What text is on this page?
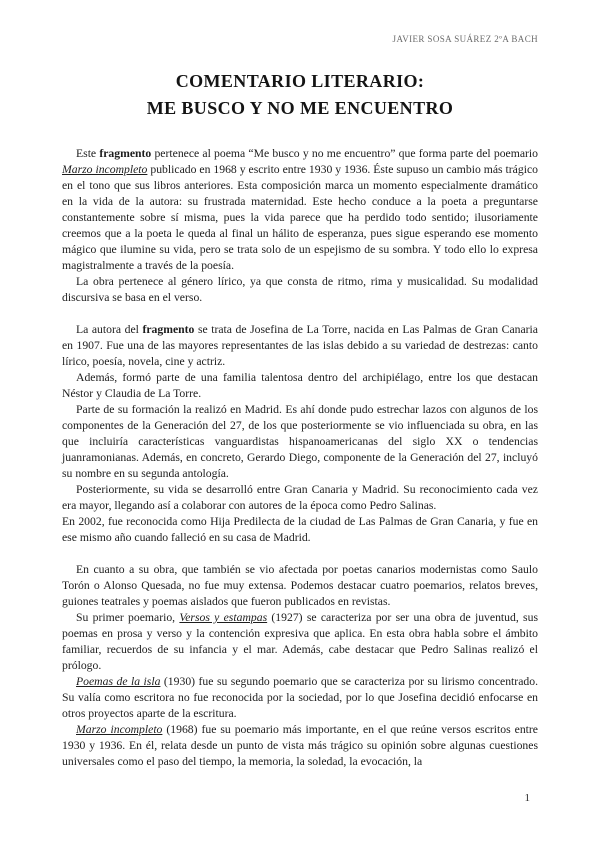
JAVIER SOSA SUÁREZ 2ºA BACH
COMENTARIO LITERARIO:
ME BUSCO Y NO ME ENCUENTRO

Este fragmento pertenece al poema “Me busco y no me encuentro” que forma parte del poemario Marzo incompleto publicado en 1968 y escrito entre 1930 y 1936. Éste supuso un cambio más trágico en el tono que sus libros anteriores. Esta composición marca un momento especialmente dramático en la vida de la autora: su frustrada maternidad. Este hecho conduce a la poeta a preguntarse constantemente sobre sí misma, pues la vida parece que ha perdido todo sentido; ilusoriamente creemos que a la poeta le queda al final un hálito de esperanza, pues sigue esperando ese momento mágico que ilumine su vida, pero se trata solo de un espejismo de su sombra. Y todo ello lo expresa magistralmente a través de la poesía.

La obra pertenece al género lírico, ya que consta de ritmo, rima y musicalidad. Su modalidad discursiva se basa en el verso.

La autora del fragmento se trata de Josefina de La Torre, nacida en Las Palmas de Gran Canaria en 1907. Fue una de las mayores representantes de las islas debido a su variedad de destrezas: canto lírico, poesía, novela, cine y actriz.

Además, formó parte de una familia talentosa dentro del archipiélago, entre los que destacan Néstor y Claudia de La Torre.

Parte de su formación la realizó en Madrid. Es ahí donde pudo estrechar lazos con algunos de los componentes de la Generación del 27, de los que posteriormente se vio influenciada su obra, en las que incluiría características vanguardistas hispanoamericanas del siglo XX o tendencias juanramonianas. Además, en concreto, Gerardo Diego, componente de la Generación del 27, incluyó su nombre en su segunda antología.

Posteriormente, su vida se desarrolló entre Gran Canaria y Madrid. Su reconocimiento cada vez era mayor, llegando así a colaborar con autores de la época como Pedro Salinas.

En 2002, fue reconocida como Hija Predilecta de la ciudad de Las Palmas de Gran Canaria, y fue en ese mismo año cuando falleció en su casa de Madrid.

En cuanto a su obra, que también se vio afectada por poetas canarios modernistas como Saulo Torón o Alonso Quesada, no fue muy extensa. Podemos destacar cuatro poemarios, relatos breves, guiones teatrales y poemas aislados que fueron publicados en revistas.

Su primer poemario, Versos y estampas (1927) se caracteriza por ser una obra de juventud, sus poemas en prosa y verso y la contención expresiva que aplica. En esta obra habla sobre el ámbito familiar, recuerdos de su infancia y el mar. Además, cabe destacar que Pedro Salinas realizó el prólogo.

Poemas de la isla (1930) fue su segundo poemario que se caracteriza por su lirismo concentrado. Su valía como escritora no fue reconocida por la sociedad, por lo que Josefina decidió enfocarse en otros proyectos aparte de la escritura.

Marzo incompleto (1968) fue su poemario más importante, en el que reúne versos escritos entre 1930 y 1936. En él, relata desde un punto de vista más trágico su opinión sobre algunas cuestiones universales como el paso del tiempo, la memoria, la soledad, la evocación, la

1
